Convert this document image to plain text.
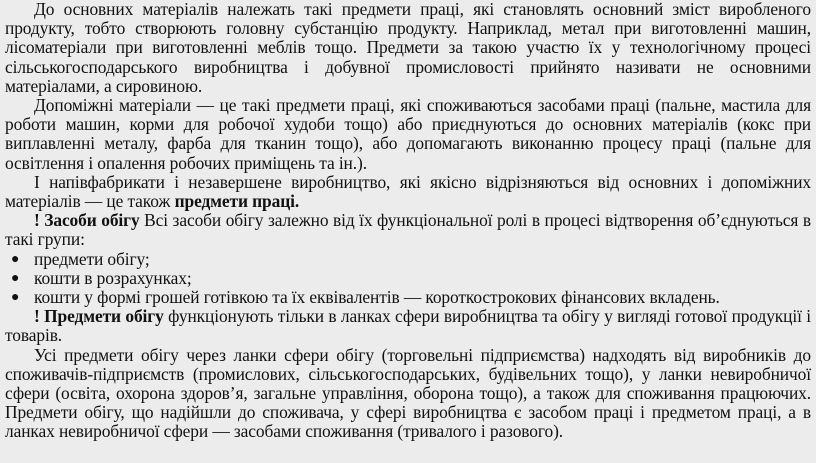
До основних матеріалів належать такі предмети праці, які становлять основний зміст виробленого продукту, тобто створюють головну субстанцію продукту. Наприклад, метал при виготовленні машин, лісоматеріали при виготовленні меблів тощо. Предмети за такою участю їх у технологічному процесі сільськогосподарського виробництва і добувної промисловості прийнято називати не основними матеріалами, а сировиною.

Допоміжні матеріали — це такі предмети праці, які споживаються засобами праці (пальне, мастила для роботи машин, корми для робочої худоби тощо) або приєднуються до основних матеріалів (кокс при виплавленні металу, фарба для тканин тощо), або допомагають виконанню процесу праці (пальне для освітлення і опалення робочих приміщень та ін.).

І напівфабрикати і незавершене виробництво, які якісно відрізняються від основних і допоміжних матеріалів — це також предмети праці.

! Засоби обігу Всі засоби обігу залежно від їх функціональної ролі в процесі відтворення об’єднуються в такі групи:

● предмети обігу;
● кошти в розрахунках;
● кошти у формі грошей готівкою та їх еквівалентів — короткострокових фінансових вкладень.

! Предмети обігу функціонують тільки в ланках сфери виробництва та обігу у вигляді готової продукції і товарів.

Усі предмети обігу через ланки сфери обігу (торговельні підприємства) надходять від виробників до споживачів-підприємств (промислових, сільськогосподарських, будівельних тощо), у ланки невиробничої сфери (освіта, охорона здоров’я, загальне управління, оборона тощо), а також для споживання працюючих. Предмети обігу, що надійшли до споживача, у сфері виробництва є засобом праці і предметом праці, а в ланках невиробничої сфери — засобами споживання (тривалого і разового).
